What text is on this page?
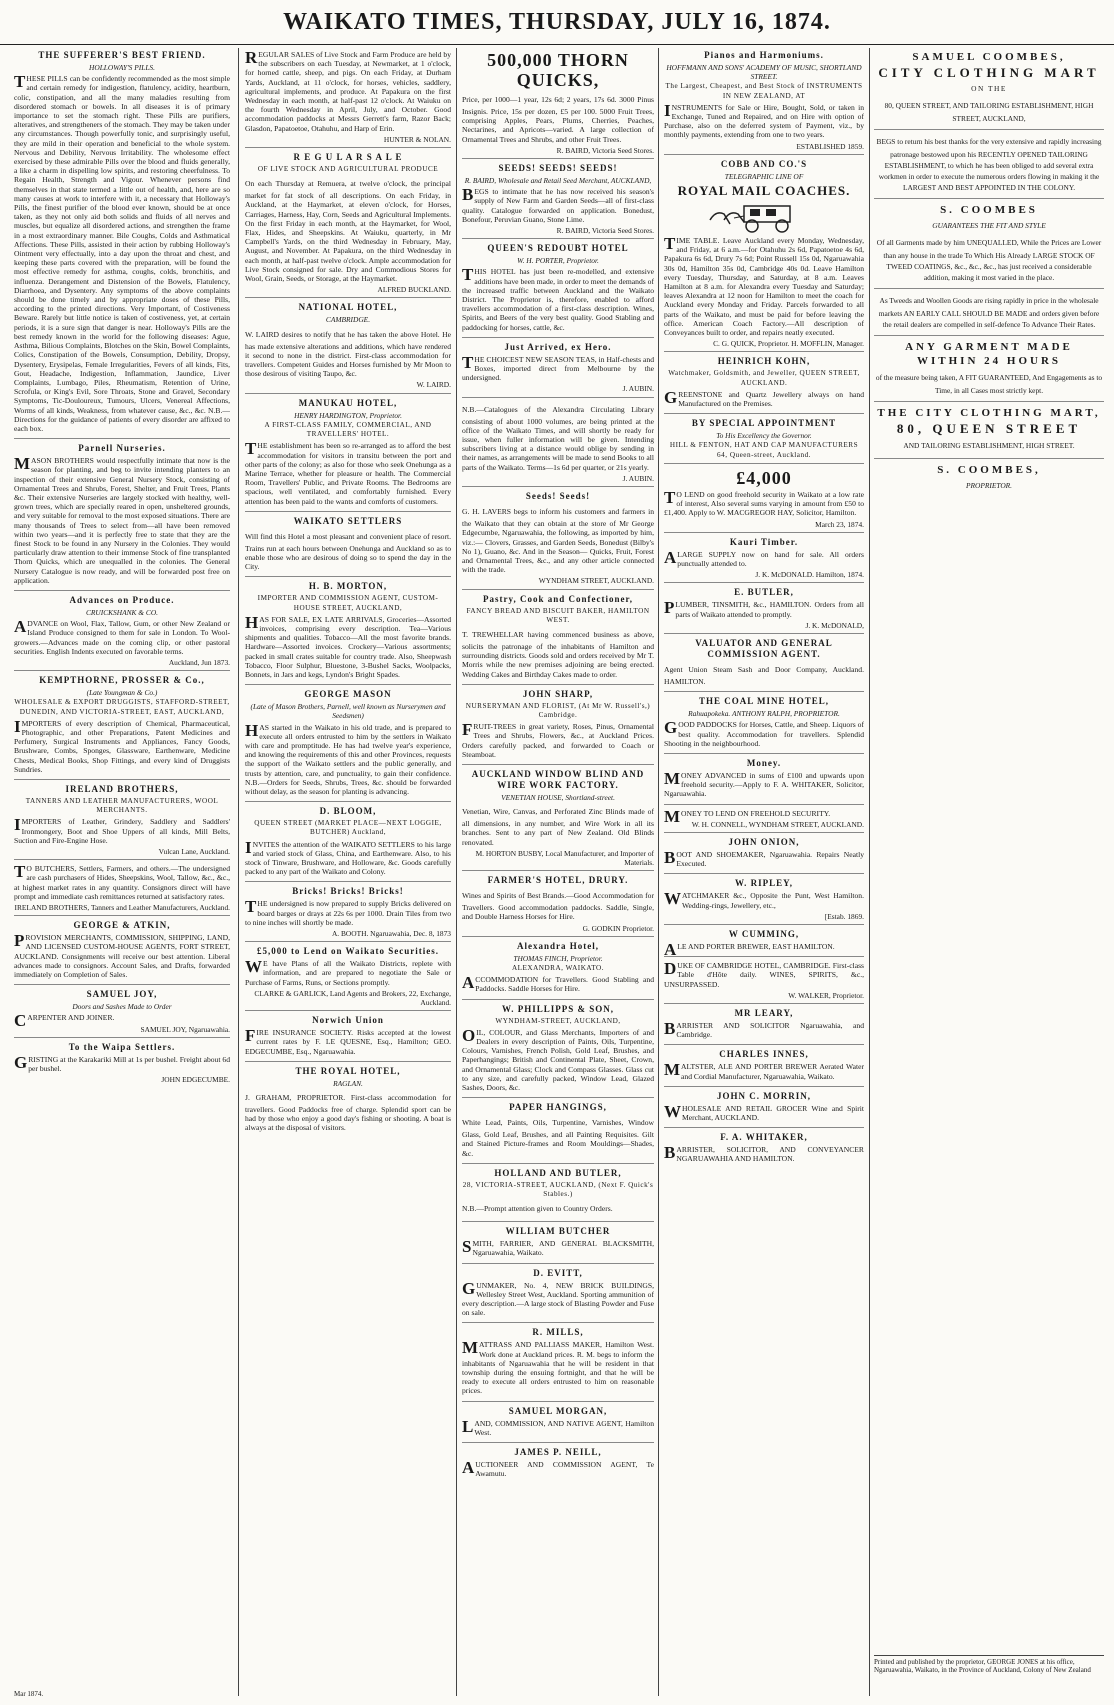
WAIKATO TIMES, THURSDAY, JULY 16, 1874.
THE SUFFERER'S BEST FRIEND.
HOLLOWAY'S PILLS.
THESE PILLS can be confidently recommended as the most simple and certain remedy for indigestion, flatulency, acidity, heartburn, colic, constipation, and all the many maladies resulting from disordered stomach or bowels. In all diseases it is of primary importance to set the stomach right. These Pills are purifiers, alteratives, and strengtheners of the stomach. They may be taken under any circumstances. Though powerfully tonic, and surprisingly useful, they are mild in their operation and beneficial to the whole system. Nervous and Debility, Nervous Irritability. The wholesome effect exercised by these admirable Pills over the blood and fluids generally, a like a charm in dispelling low spirits, and restoring cheerfulness. To Regain Health, Strength and Vigour. Whenever persons find themselves in that state termed a little out of health, and, here are so many causes at work to interfere with it, a necessary that Holloway's Pills, the finest purifier of the blood ever known, should be at once taken, as they not only aid both solids and fluids of all nerves and muscles, but equalize all disordered actions, and strengthen the frame in a most extraordinary manner. Bile Coughs, Colds and Asthmatical Affections. These Pills, assisted in their action by rubbing Holloway's Ointment very effectually, into a day upon the throat and chest, and keeping these parts covered with the preparation, will be found the most effective remedy for asthma, coughs, colds, bronchitis, and influenza. Derangement and Distension of the Bowels, Flatulency, Diarrhoea, and Dysentery. Any symptoms of the above complaints should be done timely and by appropriate doses of these Pills, according to the printed directions. Very Important, of Costiveness Beware. Rarely but little notice is taken of costiveness, yet, at certain periods, it is a sure sign that danger is near. Holloway's Pills are the best remedy known in the world for the following diseases: Ague, Asthma, Bilious Complaints, Blotches on the Skin, Bowel Complaints, Colics, Constipation of the Bowels, Consumption, Debility, Dropsy, Dysentery, Erysipelas, Female Irregularities, Fevers of all kinds, Fits, Gout, Headache, Indigestion, Inflammation, Jaundice, Liver Complaints, Lumbago, Piles, Rheumatism, Retention of Urine, Scrofula, or King's Evil, Sore Throats, Stone and Gravel, Secondary Symptoms, Tic-Douloureux, Tumours, Ulcers, Venereal Affections, Worms of all kinds, Weakness, from whatever cause, &c., &c. N.B.—Directions for the guidance of patients of every disorder are affixed to each box.
Parnell Nurseries.
MASON BROTHERS would respectfully intimate that now is the season for planting, and beg to invite intending planters to an inspection of their extensive General Nursery Stock, consisting of Ornamental Trees and Shrubs, Forest, Shelter, and Fruit Trees, Plants &c. Their extensive Nurseries are largely stocked with healthy, well-grown trees, which are specially reared in open, unsheltered grounds, and very suitable for removal to the most exposed situations. There are many thousands of Trees to select from—all have been removed within two years—and it is perfectly free to state that they are the finest Stock to be found in any Nursery in the Colonies. They would particularly draw attention to their immense Stock of fine transplanted Thorn Quicks, which are unequalled in the colonies. The General Nursery Catalogue is now ready, and will be forwarded post free on application.
Advances on Produce.
CRUICKSHANK & CO.
ADVANCE on Wool, Flax, Tallow, Gum, or other New Zealand or Island Produce consigned to them for sale in London. To Wool-growers.—Advances made on the coming clip, or other pastoral securities. English Indents executed on favorable terms.
Auckland, Jun 1873.
KEMPTHORNE, PROSSER & Co.,
(Late Youngman & Co.)
WHOLESALE & EXPORT DRUGGISTS, STAFFORD-STREET, DUNEDIN, AND VICTORIA-STREET, EAST, AUCKLAND,
IMPORTERS of every description of Chemical, Pharmaceutical, Photographic, and other Preparations, Patent Medicines and Perfumery, Surgical Instruments and Appliances, Fancy Goods, Brushware, Combs, Sponges, Glassware, Earthenware, Medicine Chests, Medical Books, Shop Fittings, and every kind of Druggists Sundries.
IRELAND BROTHERS,
TANNERS AND LEATHER MANUFACTURERS, WOOL MERCHANTS.
IMPORTERS of Leather, Grindery, Saddlery and Saddlers' Ironmongery, Boot and Shoe Uppers of all kinds, Mill Belts, Suction and Fire-Engine Hose.
Vulcan Lane, Auckland.
TO BUTCHERS, Settlers, Farmers, and others.—The undersigned are cash purchasers of Hides, Sheepskins, Wool, Tallow, &c., &c., at highest market rates in any quantity. Consignors direct will have prompt and immediate cash remittances returned at satisfactory rates.
IRELAND BROTHERS, Tanners and Leather Manufacturers, Auckland.
GEORGE & ATKIN,
PROVISION MERCHANTS, COMMISSION, SHIPPING, LAND, AND LICENSED CUSTOM-HOUSE AGENTS, FORT STREET, AUCKLAND. Consignments will receive our best attention. Liberal advances made to consignors. Account Sales, and Drafts, forwarded immediately on Completion of Sales.
SAMUEL JOY,
Doors and Sashes Made to Order
CARPENTER AND JOINER.
SAMUEL JOY, Ngaruawahia.
To the Waipa Settlers.
GRISTING at the Karakariki Mill at 1s per bushel. Freight about 6d per bushel.
JOHN EDGECUMBE.
REGULAR SALES of Live Stock and Farm Produce are held by the subscribers on each Tuesday, at Newmarket, at 1 o'clock, for horned cattle, sheep, and pigs. On each Friday, at Durham Yards, Auckland, at 11 o'clock, for horses, vehicles, saddlery, agricultural implements, and produce. At Papakura on the first Wednesday in each month, at half-past 12 o'clock. At Waiuku on the fourth Wednesday in April, July, and October. Good accommodation paddocks at Messrs Gerrett's farm, Razor Back; Glasdon, Papatoetoe, Otahuhu, and Harp of Erin.
HUNTER & NOLAN.
R E G U L A R S A L E
OF LIVE STOCK AND AGRICULTURAL PRODUCE
On each Thursday at Remuera, at twelve o'clock, the principal market for fat stock of all descriptions. On each Friday, in Auckland, at the Haymarket, at eleven o'clock, for Horses, Carriages, Harness, Hay, Corn, Seeds and Agricultural Implements. On the first Friday in each month, at the Haymarket, for Wool, Flax, Hides, and Sheepskins. At Waiuku, quarterly, in Mr Campbell's Yards, on the third Wednesday in February, May, August, and November. At Papakura, on the third Wednesday in each month, at half-past twelve o'clock. Ample accommodation for Live Stock consigned for sale. Dry and Commodious Stores for Wool, Grain, Seeds, or Storage, at the Haymarket.
ALFRED BUCKLAND.
NATIONAL HOTEL,
CAMBRIDGE.
W. LAIRD desires to notify that he has taken the above Hotel. He has made extensive alterations and additions, which have rendered it second to none in the district. First-class accommodation for travellers. Competent Guides and Horses furnished by Mr Moon to those desirous of visiting Taupo, &c.
W. LAIRD.
MANUKAU HOTEL,
HENRY HARDINGTON, Proprietor.
A FIRST-CLASS FAMILY, COMMERCIAL, AND TRAVELLERS' HOTEL.
THE establishment has been so re-arranged as to afford the best accommodation for visitors in transitu between the port and other parts of the colony; as also for those who seek Onehunga as a Marine Terrace, whether for pleasure or health. The Commercial Room, Travellers' Public, and Private Rooms. The Bedrooms are spacious, well ventilated, and comfortably furnished. Every attention has been paid to the wants and comforts of customers.
WAIKATO SETTLERS
Will find this Hotel a most pleasant and convenient place of resort. Trains run at each hours between Onehunga and Auckland so as to enable those who are desirous of doing so to spend the day in the City.
H. B. MORTON,
IMPORTER AND COMMISSION AGENT, CUSTOM-HOUSE STREET, AUCKLAND,
HAS FOR SALE, EX LATE ARRIVALS, Groceries—Assorted invoices, comprising every description. Tea—Various shipments and qualities. Tobacco—All the most favorite brands. Hardware—Assorted invoices. Crockery—Various assortments; packed in small crates suitable for country trade. Also, Sheepwash Tobacco, Floor Sulphur, Bluestone, 3-Bushel Sacks, Woolpacks, Bonnets, in Jars and kegs, Lyndon's Bright Spades.
GEORGE MASON
(Late of Mason Brothers, Parnell, well known as Nurserymen and Seedsmen)
HAS started in the Waikato in his old trade, and is prepared to execute all orders entrusted to him by the settlers in Waikato with care and promptitude. He has had twelve year's experience, and knowing the requirements of this and other Provinces, requests the support of the Waikato settlers and the public generally, and trusts by attention, care, and punctuality, to gain their confidence. N.B.—Orders for Seeds, Shrubs, Trees, &c. should be forwarded without delay, as the season for planting is advancing.
D. BLOOM,
QUEEN STREET (MARKET PLACE—NEXT LOGGIE, BUTCHER) Auckland,
INVITES the attention of the WAIKATO SETTLERS to his large and varied stock of Glass, China, and Earthenware. Also, to his stock of Tinware, Brushware, and Holloware, &c. Goods carefully packed to any part of the Waikato and Colony.
Bricks! Bricks! Bricks!
THE undersigned is now prepared to supply Bricks delivered on board barges or drays at 22s 6s per 1000. Drain Tiles from two to nine inches will shortly be made.
A. BOOTH. Ngaruawahia, Dec. 8, 1873
£5,000 to Lend on Waikato Securities.
WE have Plans of all the Waikato Districts, replete with information, and are prepared to negotiate the Sale or Purchase of Farms, Runs, or Sections promptly.
CLARKE & GARLICK, Land Agents and Brokers, 22, Exchange, Auckland.
Norwich Union
FIRE INSURANCE SOCIETY. Risks accepted at the lowest current rates by F. LE QUESNE, Esq., Hamilton; GEO. EDGECUMBE, Esq., Ngaruawahia.
THE ROYAL HOTEL,
RAGLAN.
J. GRAHAM, PROPRIETOR. First-class accommodation for travellers. Good Paddocks free of charge. Splendid sport can be had by those who enjoy a good day's fishing or shooting. A boat is always at the disposal of visitors.
500,000 THORN QUICKS,
Price, per 1000—1 year, 12s 6d; 2 years, 17s 6d. 3000 Pinus Insignis. Price, 15s per dozen, £5 per 100. 5000 Fruit Trees, comprising Apples, Pears, Plums, Cherries, Peaches, Nectarines, and Apricots—varied. A large collection of Ornamental Trees and Shrubs, and other Fruit Trees.
R. BAIRD, Victoria Seed Stores.
SEEDS! SEEDS! SEEDS!
R. BAIRD, Wholesale and Retail Seed Merchant, AUCKLAND,
BEGS to intimate that he has now received his season's supply of New Farm and Garden Seeds—all of first-class quality. Catalogue forwarded on application. Bonedust, Bonefour, Peruvian Guano, Stone Lime.
R. BAIRD, Victoria Seed Stores.
QUEEN'S REDOUBT HOTEL
W. H. PORTER, Proprietor.
THIS HOTEL has just been re-modelled, and extensive additions have been made, in order to meet the demands of the increased traffic between Auckland and the Waikato District. The Proprietor is, therefore, enabled to afford travellers accommodation of a first-class description. Wines, Spirits, and Beers of the very best quality. Good Stabling and paddocking for horses, cattle, &c.
Just Arrived, ex Hero.
THE CHOICEST NEW SEASON TEAS, in Half-chests and Boxes, imported direct from Melbourne by the undersigned.
J. AUBIN.
N.B.—Catalogues of the Alexandra Circulating Library consisting of about 1000 volumes, are being printed at the office of the Waikato Times, and will shortly be ready for issue, when fuller information will be given. Intending subscribers living at a distance would oblige by sending in their names, as arrangements will be made to send Books to all parts of the Waikato. Terms—1s 6d per quarter, or 21s yearly.
J. AUBIN.
Seeds! Seeds!
G. H. LAVERS begs to inform his customers and farmers in the Waikato that they can obtain at the store of Mr George Edgecumbe, Ngaruawahia, the following, as imported by him, viz.:— Clovers, Grasses, and Garden Seeds, Bonedust (Bilby's No 1), Guano, &c. And in the Season— Quicks, Fruit, Forest and Ornamental Trees, &c., and any other article connected with the trade.
WYNDHAM STREET, AUCKLAND.
Pastry, Cook and Confectioner,
FANCY BREAD AND BISCUIT BAKER, HAMILTON WEST.
T. TREWHELLAR having commenced business as above, solicits the patronage of the inhabitants of Hamilton and surrounding districts. Goods sold and orders received by Mr T. Morris while the new premises adjoining are being erected. Wedding Cakes and Birthday Cakes made to order.
JOHN SHARP,
NURSERYMAN AND FLORIST, (At Mr W. Russell's,) Cambridge.
FRUIT-TREES in great variety, Roses, Pinus, Ornamental Trees and Shrubs, Flowers, &c., at Auckland Prices. Orders carefully packed, and forwarded to Coach or Steamboat.
AUCKLAND WINDOW BLIND AND WIRE WORK FACTORY.
VENETIAN HOUSE, Shortland-street.
Venetian, Wire, Canvas, and Perforated Zinc Blinds made of all dimensions, in any number, and Wire Work in all its branches. Sent to any part of New Zealand. Old Blinds renovated.
M. HORTON BUSBY, Local Manufacturer, and Importer of Materials.
FARMER'S HOTEL, DRURY.
Wines and Spirits of Best Brands.—Good Accommodation for Travellers. Good accommodation paddocks. Saddle, Single, and Double Harness Horses for Hire.
G. GODKIN Proprietor.
Alexandra Hotel,
THOMAS FINCH, Proprietor.
ALEXANDRA, WAIKATO.
ACCOMMODATION for Travellers. Good Stabling and Paddocks. Saddle Horses for Hire.
W. PHILLIPPS & SON,
WYNDHAM-STREET, AUCKLAND,
OIL, COLOUR, and Glass Merchants, Importers of and Dealers in every description of Paints, Oils, Turpentine, Colours, Varnishes, French Polish, Gold Leaf, Brushes, and Paperhangings; British and Continental Plate, Sheet, Crown, and Ornamental Glass; Clock and Compass Glasses. Glass cut to any size, and carefully packed, Window Lead, Glazed Sashes, Doors, &c.
PAPER HANGINGS,
White Lead, Paints, Oils, Turpentine, Varnishes, Window Glass, Gold Leaf, Brushes, and all Painting Requisites. Gilt and Stained Picture-frames and Room Mouldings—Shades, &c.
HOLLAND AND BUTLER,
28, VICTORIA-STREET, AUCKLAND, (Next F. Quick's Stables.)
N.B.—Prompt attention given to Country Orders.
WILLIAM BUTCHER
SMITH, FARRIER, AND GENERAL BLACKSMITH, Ngaruawahia, Waikato.
D. EVITT,
GUNMAKER, No. 4, NEW BRICK BUILDINGS, Wellesley Street West, Auckland. Sporting ammunition of every description.—A large stock of Blasting Powder and Fuse on sale.
R. MILLS,
MATTRASS AND PALLIASS MAKER, Hamilton West. Work done at Auckland prices. R. M. begs to inform the inhabitants of Ngaruawahia that he will be resident in that township during the ensuing fortnight, and that he will be ready to execute all orders entrusted to him on reasonable prices.
SAMUEL MORGAN,
LAND, COMMISSION, AND NATIVE AGENT, Hamilton West.
JAMES P. NEILL,
AUCTIONEER AND COMMISSION AGENT, Te Awamutu.
Pianos and Harmoniums.
HOFFMANN AND SONS' ACADEMY OF MUSIC, SHORTLAND STREET.
The Largest, Cheapest, and Best Stock of INSTRUMENTS IN NEW ZEALAND, AT
INSTRUMENTS for Sale or Hire, Bought, Sold, or taken in Exchange, Tuned and Repaired, and on Hire with option of Purchase, also on the deferred system of Payment, viz., by monthly payments, extending from one to two years.
ESTABLISHED 1859.
COBB AND CO.'S
TELEGRAPHIC LINE OF
ROYAL MAIL COACHES.
TIME TABLE. Leave Auckland every Monday, Wednesday, and Friday, at 6 a.m.—for Otahuhu 2s 6d, Papatoetoe 4s 6d, Papakura 6s 6d, Drury 7s 6d; Point Russell 15s 0d, Ngaruawahia 30s 0d, Hamilton 35s 0d, Cambridge 40s 0d. Leave Hamilton every Tuesday, Thursday, and Saturday, at 8 a.m. Leaves Hamilton at 8 a.m. for Alexandra every Tuesday and Saturday; leaves Alexandra at 12 noon for Hamilton to meet the coach for Auckland every Monday and Friday. Parcels forwarded to all parts of the Waikato, and must be paid for before leaving the office. American Coach Factory.—All description of Conveyances built to order, and repairs neatly executed.
C. G. QUICK, Proprietor. H. MOFFLIN, Manager.
HEINRICH KOHN,
Watchmaker, Goldsmith, and Jeweller, QUEEN STREET, AUCKLAND.
GREENSTONE and Quartz Jewellery always on hand Manufactured on the Premises.
BY SPECIAL APPOINTMENT
To His Excellency the Governor.
HILL & FENTON, HAT AND CAP MANUFACTURERS 64, Queen-street, Auckland.
£4,000
TO LEND on good freehold security in Waikato at a low rate of interest, Also several sums varying in amount from £50 to £1,400. Apply to W. MACGREGOR HAY, Solicitor, Hamilton.
March 23, 1874.
Kauri Timber.
ALARGE SUPPLY now on hand for sale. All orders punctually attended to.
J. K. McDONALD. Hamilton, 1874.
E. BUTLER,
PLUMBER, TINSMITH, &c., HAMILTON. Orders from all parts of Waikato attended to promptly.
J. K. McDONALD,
VALUATOR AND GENERAL COMMISSION AGENT.
Agent Union Steam Sash and Door Company, Auckland. HAMILTON.
THE COAL MINE HOTEL,
Rahuapokeka. ANTHONY RALPH, PROPRIETOR.
GOOD PADDOCKS for Horses, Cattle, and Sheep. Liquors of best quality. Accommodation for travellers. Splendid Shooting in the neighbourhood.
Money.
MONEY ADVANCED in sums of £100 and upwards upon freehold security.—Apply to F. A. WHITAKER, Solicitor, Ngaruawahia.
MONEY TO LEND ON FREEHOLD SECURITY.
W. H. CONNELL, WYNDHAM STREET, AUCKLAND.
JOHN ONION,
BOOT AND SHOEMAKER, Ngaruawahia. Repairs Neatly Executed.
W. RIPLEY,
WATCHMAKER &c., Opposite the Punt, West Hamilton. Wedding-rings, Jewellery, etc.,
[Estab. 1869.
W CUMMING,
ALE AND PORTER BREWER, EAST HAMILTON.
DUKE OF CAMBRIDGE HOTEL, CAMBRIDGE. First-class Table d'Hôte daily. WINES, SPIRITS, &c., UNSURPASSED.
W. WALKER, Proprietor.
MR LEARY,
BARRISTER AND SOLICITOR Ngaruawahia, and Cambridge.
CHARLES INNES,
MALTSTER, ALE AND PORTER BREWER Aerated Water and Cordial Manufacturer, Ngaruawahia, Waikato.
JOHN C. MORRIN,
WHOLESALE AND RETAIL GROCER Wine and Spirit Merchant, AUCKLAND.
F. A. WHITAKER,
BARRISTER, SOLICITOR, AND CONVEYANCER NGARUAWAHIA AND HAMILTON.
SAMUEL COOMBES,
CITY CLOTHING MART
ON THE
80, QUEEN STREET, AND TAILORING ESTABLISHMENT, HIGH STREET, AUCKLAND,
BEGS to return his best thanks for the very extensive and rapidly increasing patronage bestowed upon his RECENTLY OPENED TAILORING ESTABLISHMENT, to which he has been obliged to add several extra workmen in order to execute the numerous orders flowing in making it the LARGEST AND BEST APPOINTED IN THE COLONY.
S. COOMBES
GUARANTEES THE FIT AND STYLE
Of all Garments made by him UNEQUALLED, While the Prices are Lower than any house in the trade To Which His Already LARGE STOCK OF TWEED COATINGS, &c., &c., &c., has just received a considerable addition, making it most varied in the place.
As Tweeds and Woollen Goods are rising rapidly in price in the wholesale markets AN EARLY CALL SHOULD BE MADE and orders given before the retail dealers are compelled in self-defence To Advance Their Rates.
ANY GARMENT MADE WITHIN 24 HOURS
of the measure being taken, A FIT GUARANTEED, And Engagements as to Time, in all Cases most strictly kept.
THE CITY CLOTHING MART,
80, QUEEN STREET
AND TAILORING ESTABLISHMENT, HIGH STREET.
S. COOMBES,
PROPRIETOR.
Printed and published by the proprietor, GEORGE JONES at his office, Ngaruawahia, Waikato, in the Province of Auckland, Colony of New Zealand
Mar 1874.
